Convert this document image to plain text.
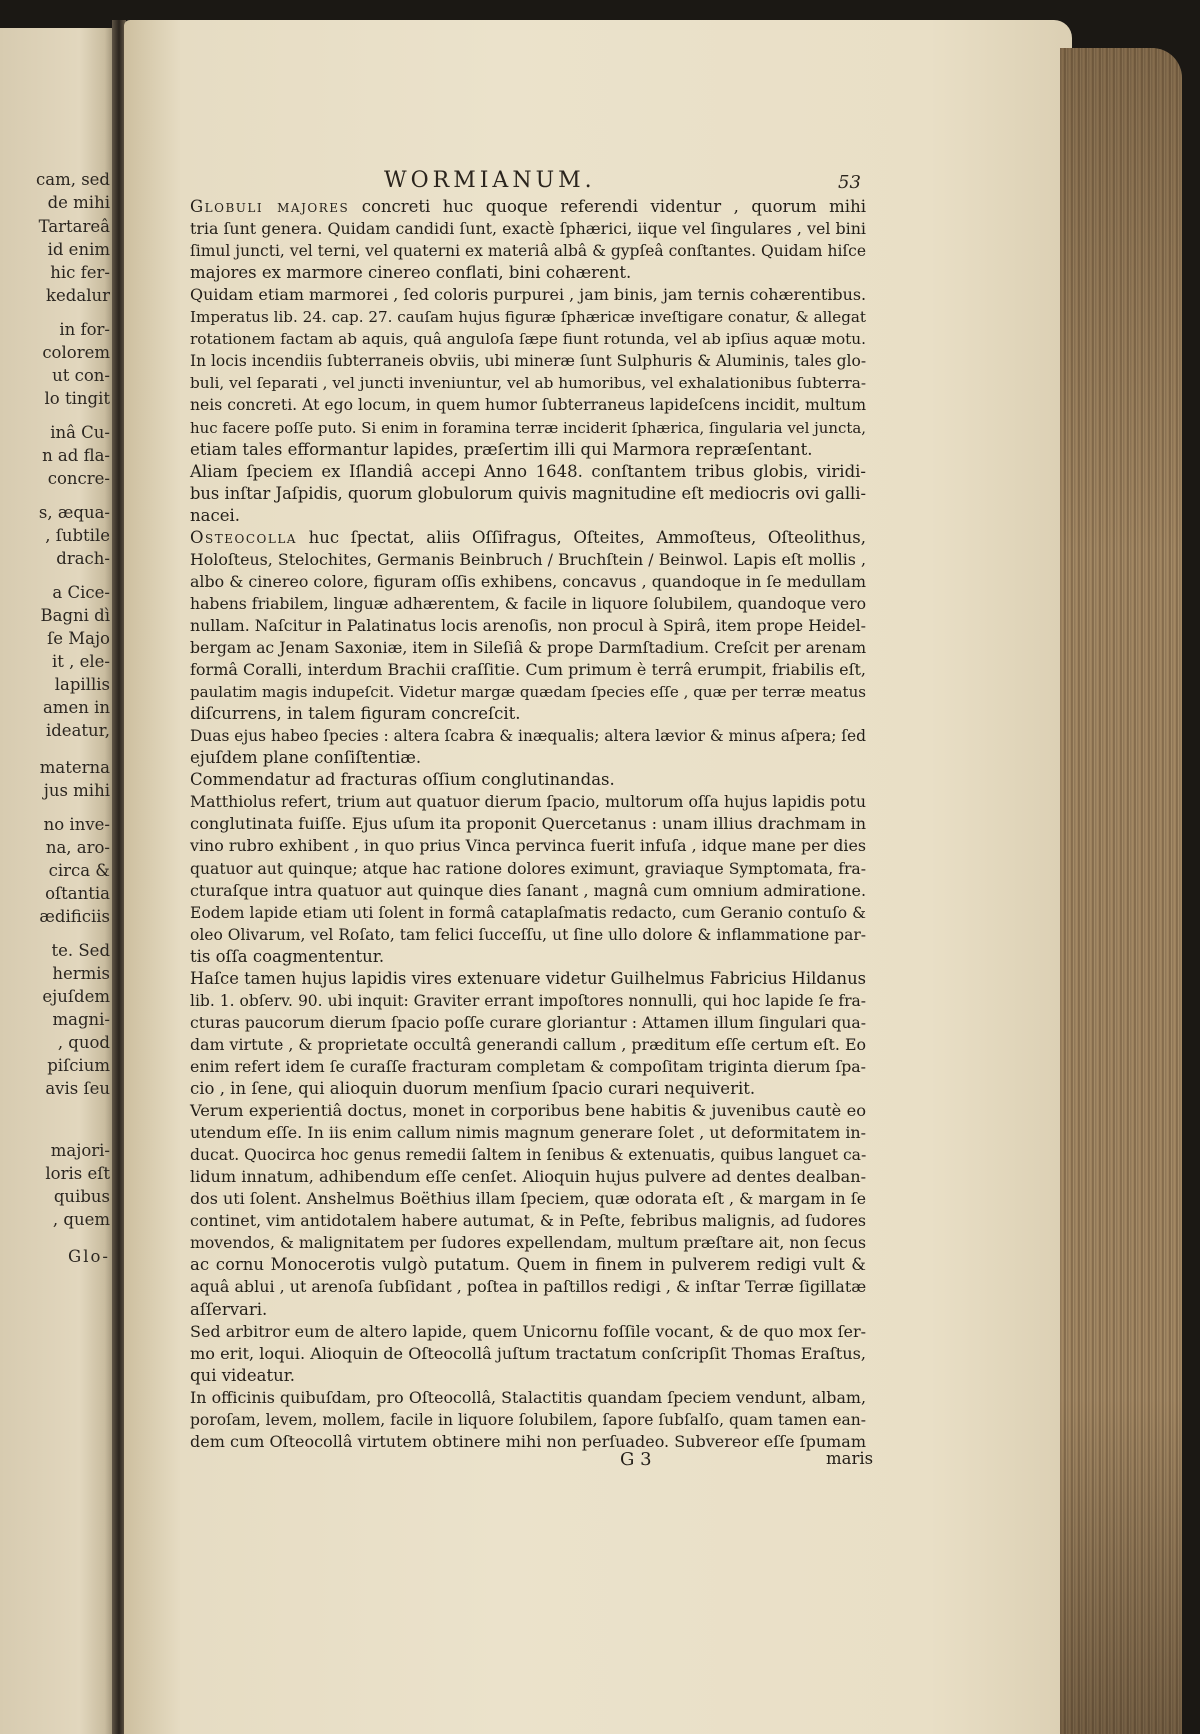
cam, sed
de mihi
Tartareâ
id enim
hic fer-
kedalur
in for-
colorem
ut con-
lo tingit
inâ Cu-
n ad fla-
concre-
s, æqua-
, ſubtile
drach-
a Cice-
Bagni dì
ſe Majo
it , ele-
lapillis
amen in
ideatur,
materna
jus mihi
no inve-
na, aro-
circa &
oſtantia
ædificiis
te. Sed
hermis
ejuſdem
magni-
, quod
piſcium
avis ſeu
majori-
loris eſt
quibus
, quem
Glo-
WORMIANUM.	53
Globuli majores concreti huc quoque referendi videntur , quorum mihi
tria ſunt genera. Quidam candidi ſunt, exactè ſphærici, iique vel ſingulares , vel bini
ſimul juncti, vel terni, vel quaterni ex materiâ albâ & gypſeâ conſtantes. Quidam hiſce
majores ex marmore cinereo conflati, bini cohærent.
Quidam etiam marmorei , ſed coloris purpurei , jam binis, jam ternis cohærentibus.
Imperatus lib. 24. cap. 27. cauſam hujus figuræ ſphæricæ inveſtigare conatur, & allegat
rotationem factam ab aquis, quâ anguloſa ſæpe fiunt rotunda, vel ab ipſius aquæ motu.
In locis incendiis ſubterraneis obviis, ubi mineræ ſunt Sulphuris & Aluminis, tales glo-
buli, vel ſeparati , vel juncti inveniuntur, vel ab humoribus, vel exhalationibus ſubterra-
neis concreti. At ego locum, in quem humor ſubterraneus lapideſcens incidit, multum
huc facere poſſe puto. Si enim in foramina terræ inciderit ſphærica, ſingularia vel juncta,
etiam tales efformantur lapides, præſertim illi qui Marmora repræſentant.
Aliam ſpeciem ex Iſlandiâ accepi Anno 1648. conſtantem tribus globis, viridi-
bus inſtar Jaſpidis, quorum globulorum quivis magnitudine eſt mediocris ovi galli-
nacei.
Osteocolla huc ſpectat, aliis Oſſifragus, Oſteites, Ammoſteus, Oſteolithus,
Holoſteus, Stelochites, Germanis Beinbruch / Bruchſtein / Beinwol. Lapis eſt mollis ,
albo & cinereo colore, figuram oſſis exhibens, concavus , quandoque in ſe medullam
habens friabilem, linguæ adhærentem, & facile in liquore ſolubilem, quandoque vero
nullam. Naſcitur in Palatinatus locis arenoſis, non procul à Spirâ, item prope Heidel-
bergam ac Jenam Saxoniæ, item in Sileſiâ & prope Darmſtadium. Creſcit per arenam
formâ Coralli, interdum Brachii craſſitie. Cum primum è terrâ erumpit, friabilis eſt,
paulatim magis induреſcit. Videtur margæ quædam ſpecies eſſe , quæ per terræ meatus
diſcurrens, in talem figuram concreſcit.
Duas ejus habeo ſpecies : altera ſcabra & inæqualis; altera lævior & minus aſpera; ſed
ejuſdem plane conſiſtentiæ.
Commendatur ad fracturas oſſium conglutinandas.
Matthiolus refert, trium aut quatuor dierum ſpacio, multorum oſſa hujus lapidis potu
conglutinata fuiſſe. Ejus uſum ita proponit Quercetanus : unam illius drachmam in
vino rubro exhibent , in quo prius Vinca pervinca fuerit infuſa , idque mane per dies
quatuor aut quinque; atque hac ratione dolores eximunt, graviaque Symptomata, fra-
cturaſque intra quatuor aut quinque dies ſanant , magnâ cum omnium admiratione.
Eodem lapide etiam uti ſolent in formâ cataplaſmatis redacto, cum Geranio contuſo &
oleo Olivarum, vel Roſato, tam felici ſucceſſu, ut ſine ullo dolore & inflammatione par-
tis oſſa coagmententur.
Haſce tamen hujus lapidis vires extenuare videtur Guilhelmus Fabricius Hildanus
lib. 1. obſerv. 90. ubi inquit: Graviter errant impoſtores nonnulli, qui hoc lapide ſe fra-
cturas paucorum dierum ſpacio poſſe curare gloriantur : Attamen illum ſingulari qua-
dam virtute , & proprietate occultâ generandi callum , præditum eſſe certum eſt. Eo
enim refert idem ſe curaſſe fracturam completam & compoſitam triginta dierum ſpa-
cio , in ſene, qui alioquin duorum menſium ſpacio curari nequiverit.
Verum experientiâ doctus, monet in corporibus bene habitis & juvenibus cautè eo
utendum eſſe. In iis enim callum nimis magnum generare ſolet , ut deformitatem in-
ducat. Quocirca hoc genus remedii ſaltem in ſenibus & extenuatis, quibus languet ca-
lidum innatum, adhibendum eſſe cenſet. Alioquin hujus pulvere ad dentes dealban-
dos uti ſolent. Anshelmus Boëthius illam ſpeciem, quæ odorata eſt , & margam in ſe
continet, vim antidotalem habere autumat, & in Peſte, febribus malignis, ad ſudores
movendos, & malignitatem per ſudores expellendam, multum præſtare ait, non ſecus
ac cornu Monocerotis vulgò putatum. Quem in finem in pulverem redigi vult &
aquâ ablui , ut arenoſa ſubſidant , poſtea in paſtillos redigi , & inſtar Terræ ſigillatæ
aſſervari.
Sed arbitror eum de altero lapide, quem Unicornu foſſile vocant, & de quo mox ſer-
mo erit, loqui. Alioquin de Oſteocollâ juſtum tractatum conſcripſit Thomas Eraſtus,
qui videatur.
In officinis quibuſdam, pro Oſteocollâ, Stalactitis quandam ſpeciem vendunt, albam,
poroſam, levem, mollem, facile in liquore ſolubilem, ſapore ſubſalſo, quam tamen ean-
dem cum Oſteocollâ virtutem obtinere mihi non perſuadeo. Subvereor eſſe ſpumam
G 3	maris
